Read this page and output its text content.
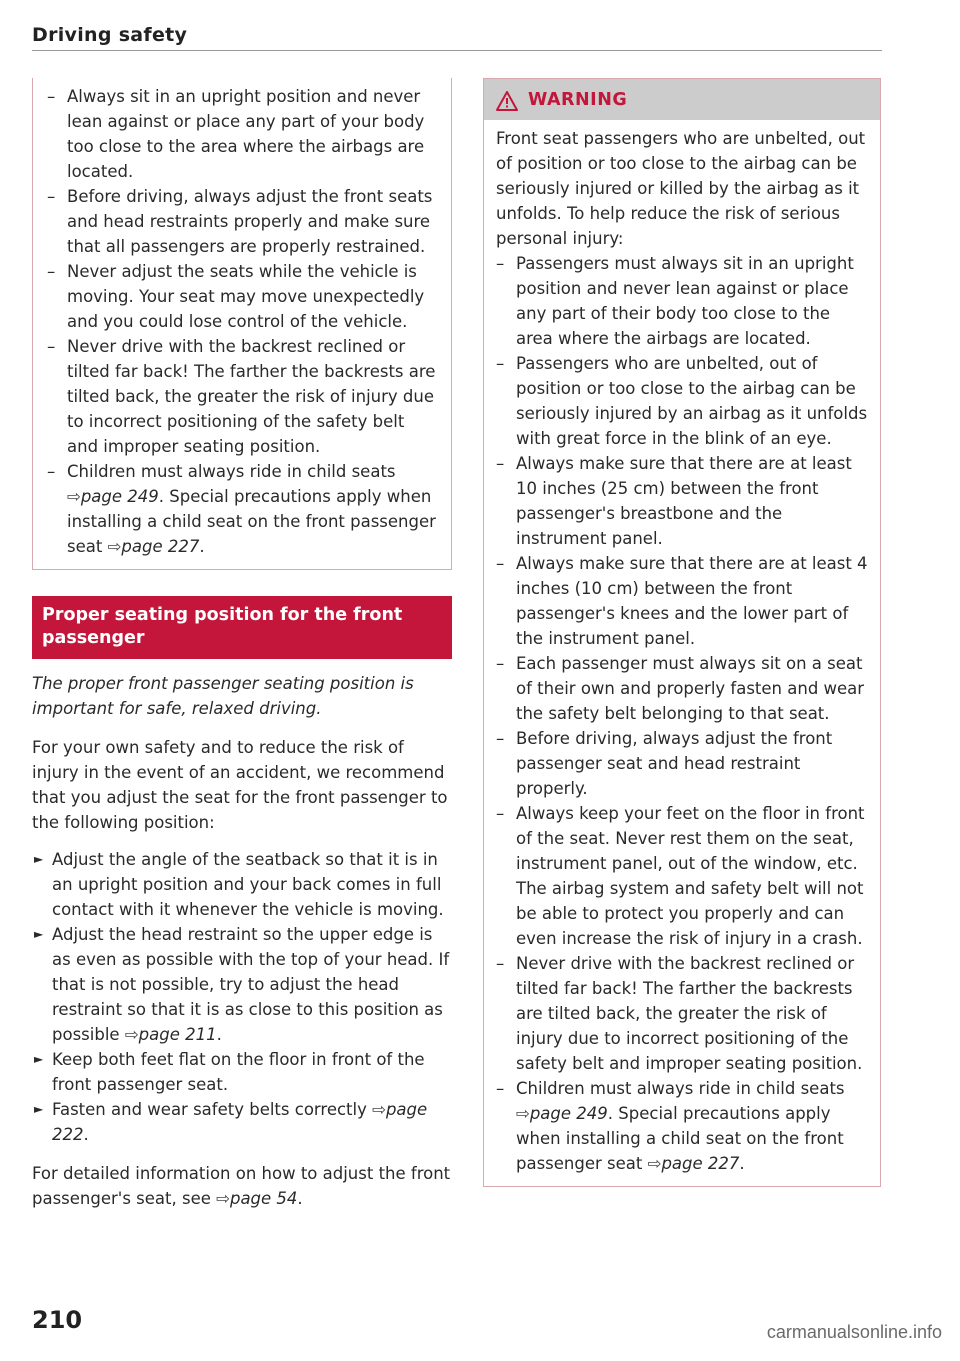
Driving safety
– Always sit in an upright position and never lean against or place any part of your body too close to the area where the airbags are located.
– Before driving, always adjust the front seats and head restraints properly and make sure that all passengers are properly restrained.
– Never adjust the seats while the vehicle is moving. Your seat may move unexpectedly and you could lose control of the vehicle.
– Never drive with the backrest reclined or tilted far back! The farther the backrests are tilted back, the greater the risk of injury due to incorrect positioning of the safety belt and improper seating position.
– Children must always ride in child seats ⇨page 249. Special precautions apply when installing a child seat on the front passenger seat ⇨page 227.
Proper seating position for the front passenger

The proper front passenger seating position is important for safe, relaxed driving.

For your own safety and to reduce the risk of injury in the event of an accident, we recommend that you adjust the seat for the front passenger to the following position:

► Adjust the angle of the seatback so that it is in an upright position and your back comes in full contact with it whenever the vehicle is moving.
► Adjust the head restraint so the upper edge is as even as possible with the top of your head. If that is not possible, try to adjust the head restraint so that it is as close to this position as possible ⇨page 211.
► Keep both feet flat on the floor in front of the front passenger seat.
► Fasten and wear safety belts correctly ⇨page 222.

For detailed information on how to adjust the front passenger's seat, see ⇨page 54.

WARNING

Front seat passengers who are unbelted, out of position or too close to the airbag can be seriously injured or killed by the airbag as it unfolds. To help reduce the risk of serious personal injury:

– Passengers must always sit in an upright position and never lean against or place any part of their body too close to the area where the airbags are located.
– Passengers who are unbelted, out of position or too close to the airbag can be seriously injured by an airbag as it unfolds with great force in the blink of an eye.
– Always make sure that there are at least 10 inches (25 cm) between the front passenger's breastbone and the instrument panel.
– Always make sure that there are at least 4 inches (10 cm) between the front passenger's knees and the lower part of the instrument panel.
– Each passenger must always sit on a seat of their own and properly fasten and wear the safety belt belonging to that seat.
– Before driving, always adjust the front passenger seat and head restraint properly.
– Always keep your feet on the floor in front of the seat. Never rest them on the seat, instrument panel, out of the window, etc. The airbag system and safety belt will not be able to protect you properly and can even increase the risk of injury in a crash.
– Never drive with the backrest reclined or tilted far back! The farther the backrests are tilted back, the greater the risk of injury due to incorrect positioning of the safety belt and improper seating position.
– Children must always ride in child seats ⇨page 249. Special precautions apply when installing a child seat on the front passenger seat ⇨page 227.
210	carmanualsonline.info
